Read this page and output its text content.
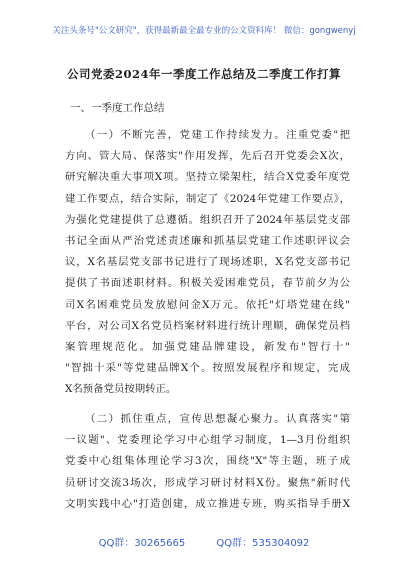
关注头条号"公文研究"，获得最新最全最专业的公文资料库！ 微信：gongwenyj
公司党委2024年一季度工作总结及二季度工作打算
一、一季度工作总结
（一）不断完善，党建工作持续发力。注重党委"把
方向、管大局、保落实"作用发挥，先后召开党委会X次，
研究解决重大事项X项。坚持立梁架柱，结合X党委年度党
建工作要点，结合实际，制定了《2024年党建工作要点》，
为强化党建提供了总遵循。组织召开了2024年基层党支部
书记全面从严治党述责述廉和抓基层党建工作述职评议会
议，X名基层党支部书记进行了现场述职，X名党支部书记
提供了书面述职材料。积极关爱困难党员，春节前夕为公
司X名困难党员发放慰问金X万元。依托"灯塔党建在线"
平台，对公司X名党员档案材料进行统计理顺，确保党员档
案管理规范化。加强党建品牌建设，新发布"智行十"
"智拙十采"等党建品牌X个。按照发展程序和规定，完成
X名预备党员按期转正。
（二）抓住重点，宣传思想凝心聚力。认真落实"第
一议题"、党委理论学习中心组学习制度，1—3月份组织
党委中心组集体理论学习3次，围绕"X"等主题，班子成
员研讨交流3场次，形成学习研讨材料X份。聚焦"新时代
文明实践中心"打造创建，成立推进专班，购买指导手册X
QQ群：30265665	QQ群：535304092
